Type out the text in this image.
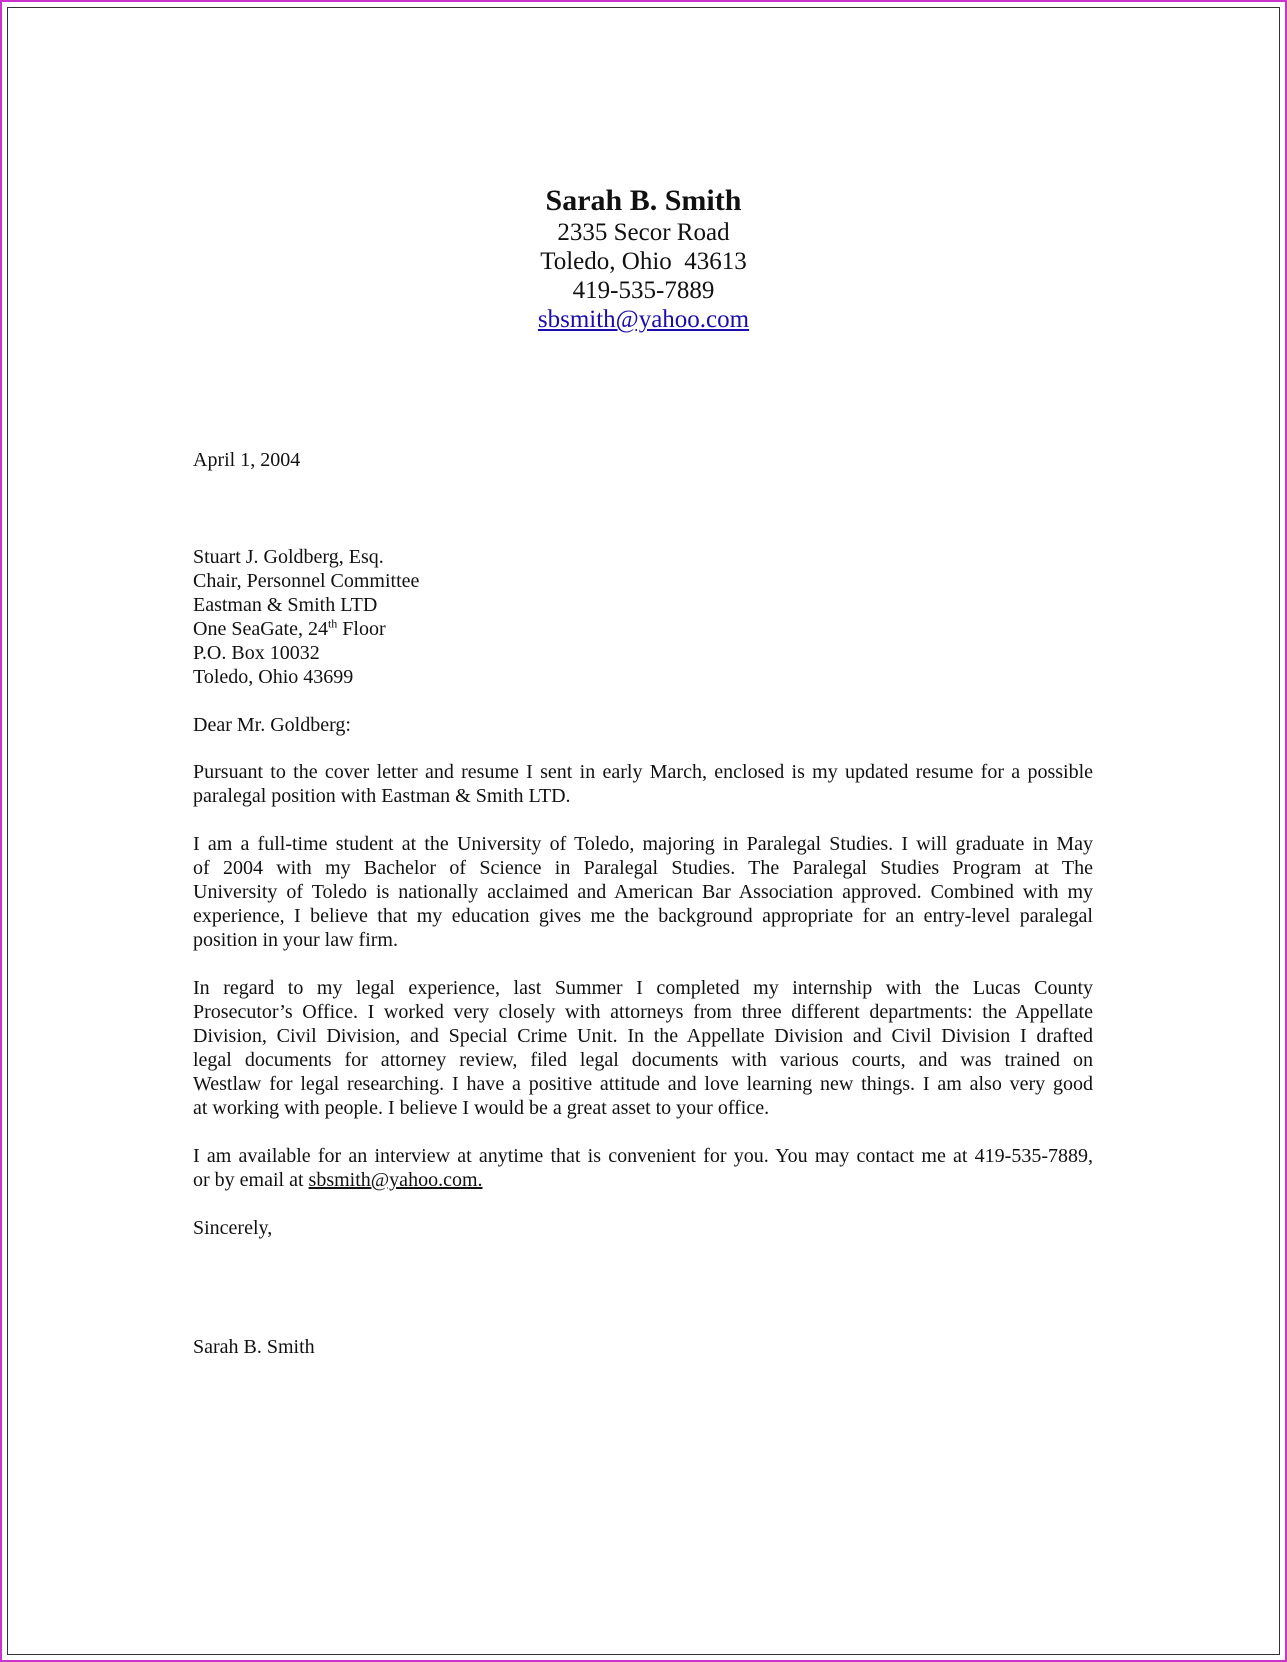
Sarah B. Smith
2335 Secor Road
Toledo, Ohio  43613
419-535-7889
sbsmith@yahoo.com
April 1, 2004
Stuart J. Goldberg, Esq.
Chair, Personnel Committee
Eastman & Smith LTD
One SeaGate, 24th Floor
P.O. Box 10032
Toledo, Ohio 43699
Dear Mr. Goldberg:
Pursuant to the cover letter and resume I sent in early March, enclosed is my updated resume for a possible
paralegal position with Eastman & Smith LTD.
I am a full-time student at the University of Toledo, majoring in Paralegal Studies. I will graduate in May
of 2004 with my Bachelor of Science in Paralegal Studies. The Paralegal Studies Program at The
University of Toledo is nationally acclaimed and American Bar Association approved. Combined with my
experience, I believe that my education gives me the background appropriate for an entry-level paralegal
position in your law firm.
In regard to my legal experience, last Summer I completed my internship with the Lucas County
Prosecutor’s Office. I worked very closely with attorneys from three different departments: the Appellate
Division, Civil Division, and Special Crime Unit. In the Appellate Division and Civil Division I drafted
legal documents for attorney review, filed legal documents with various courts, and was trained on
Westlaw for legal researching. I have a positive attitude and love learning new things. I am also very good
at working with people. I believe I would be a great asset to your office.
I am available for an interview at anytime that is convenient for you. You may contact me at 419-535-7889,
or by email at sbsmith@yahoo.com.
Sincerely,
Sarah B. Smith
